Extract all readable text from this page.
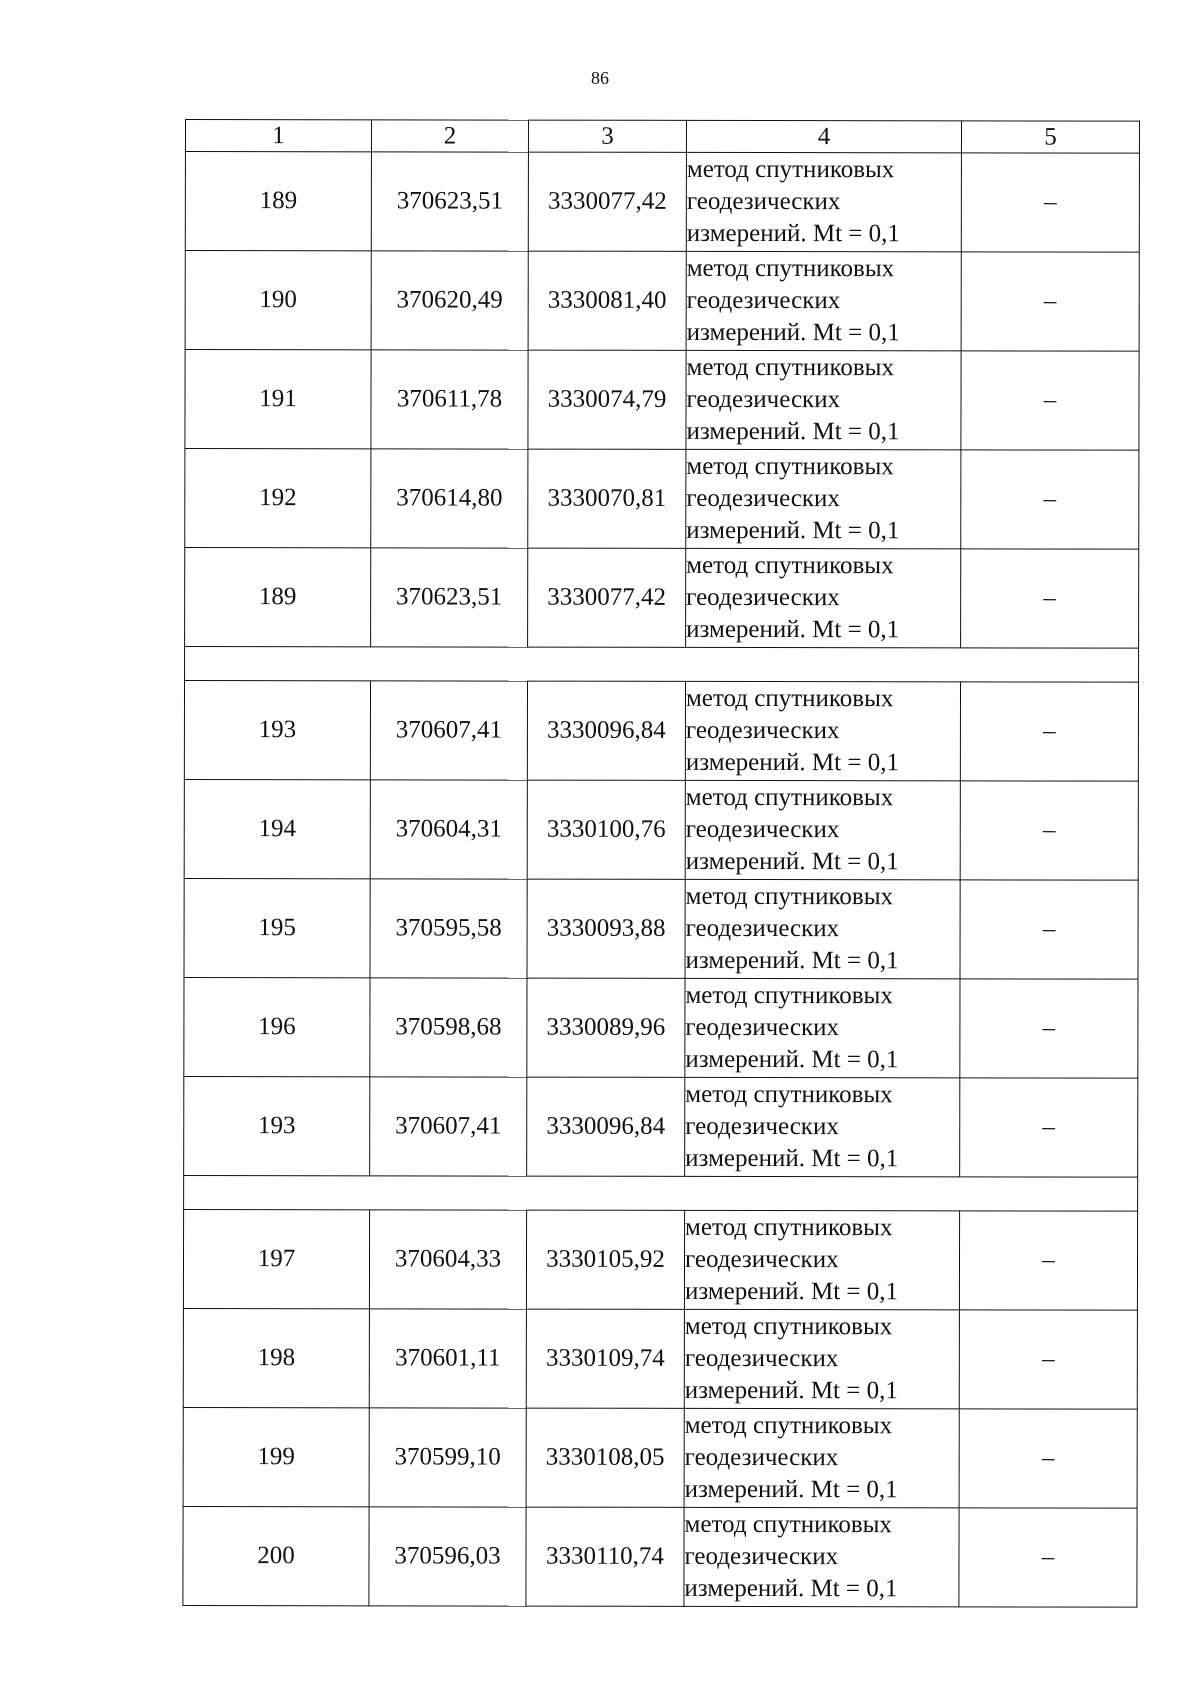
86
1	2	3	4	5
189	370623,51	3330077,42	метод спутниковых
геодезических
измерений. Mt = 0,1	–
190	370620,49	3330081,40	метод спутниковых
геодезических
измерений. Mt = 0,1	–
191	370611,78	3330074,79	метод спутниковых
геодезических
измерений. Mt = 0,1	–
192	370614,80	3330070,81	метод спутниковых
геодезических
измерений. Mt = 0,1	–
189	370623,51	3330077,42	метод спутниковых
геодезических
измерений. Mt = 0,1	–

193	370607,41	3330096,84	метод спутниковых
геодезических
измерений. Mt = 0,1	–
194	370604,31	3330100,76	метод спутниковых
геодезических
измерений. Mt = 0,1	–
195	370595,58	3330093,88	метод спутниковых
геодезических
измерений. Mt = 0,1	–
196	370598,68	3330089,96	метод спутниковых
геодезических
измерений. Mt = 0,1	–
193	370607,41	3330096,84	метод спутниковых
геодезических
измерений. Mt = 0,1	–

197	370604,33	3330105,92	метод спутниковых
геодезических
измерений. Mt = 0,1	–
198	370601,11	3330109,74	метод спутниковых
геодезических
измерений. Mt = 0,1	–
199	370599,10	3330108,05	метод спутниковых
геодезических
измерений. Mt = 0,1	–
200	370596,03	3330110,74	метод спутниковых
геодезических
измерений. Mt = 0,1	–
